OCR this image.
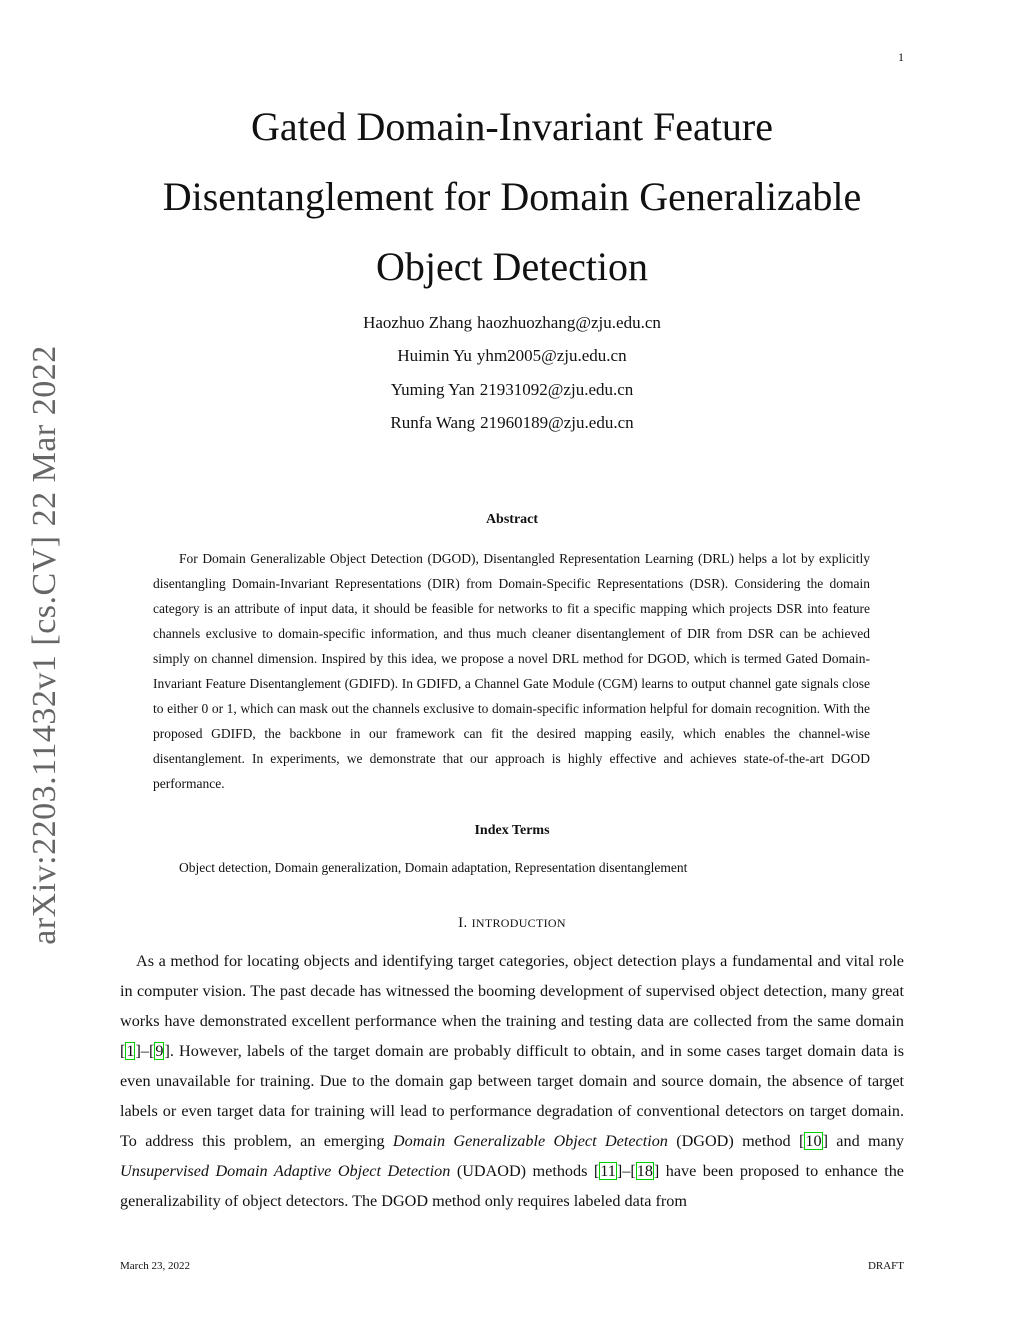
1
arXiv:2203.11432v1 [cs.CV] 22 Mar 2022
Gated Domain-Invariant Feature
Disentanglement for Domain Generalizable
Object Detection
Haozhuo Zhang haozhuozhang@zju.edu.cn
Huimin Yu yhm2005@zju.edu.cn
Yuming Yan 21931092@zju.edu.cn
Runfa Wang 21960189@zju.edu.cn
Abstract

For Domain Generalizable Object Detection (DGOD), Disentangled Representation Learning (DRL) helps a lot by explicitly disentangling Domain-Invariant Representations (DIR) from Domain-Specific Representations (DSR). Considering the domain category is an attribute of input data, it should be feasible for networks to fit a specific mapping which projects DSR into feature channels exclusive to domain-specific information, and thus much cleaner disentanglement of DIR from DSR can be achieved simply on channel dimension. Inspired by this idea, we propose a novel DRL method for DGOD, which is termed Gated Domain-Invariant Feature Disentanglement (GDIFD). In GDIFD, a Channel Gate Module (CGM) learns to output channel gate signals close to either 0 or 1, which can mask out the channels exclusive to domain-specific information helpful for domain recognition. With the proposed GDIFD, the backbone in our framework can fit the desired mapping easily, which enables the channel-wise disentanglement. In experiments, we demonstrate that our approach is highly effective and achieves state-of-the-art DGOD performance.

Index Terms
Object detection, Domain generalization, Domain adaptation, Representation disentanglement
I. INTRODUCTION

As a method for locating objects and identifying target categories, object detection plays a fundamental and vital role in computer vision. The past decade has witnessed the booming development of supervised object detection, many great works have demonstrated excellent performance when the training and testing data are collected from the same domain [1]–[9]. However, labels of the target domain are probably difficult to obtain, and in some cases target domain data is even unavailable for training. Due to the domain gap between target domain and source domain, the absence of target labels or even target data for training will lead to performance degradation of conventional detectors on target domain. To address this problem, an emerging Domain Generalizable Object Detection (DGOD) method [10] and many Unsupervised Domain Adaptive Object Detection (UDAOD) methods [11]–[18] have been proposed to enhance the generalizability of object detectors. The DGOD method only requires labeled data from

March 23, 2022	DRAFT
